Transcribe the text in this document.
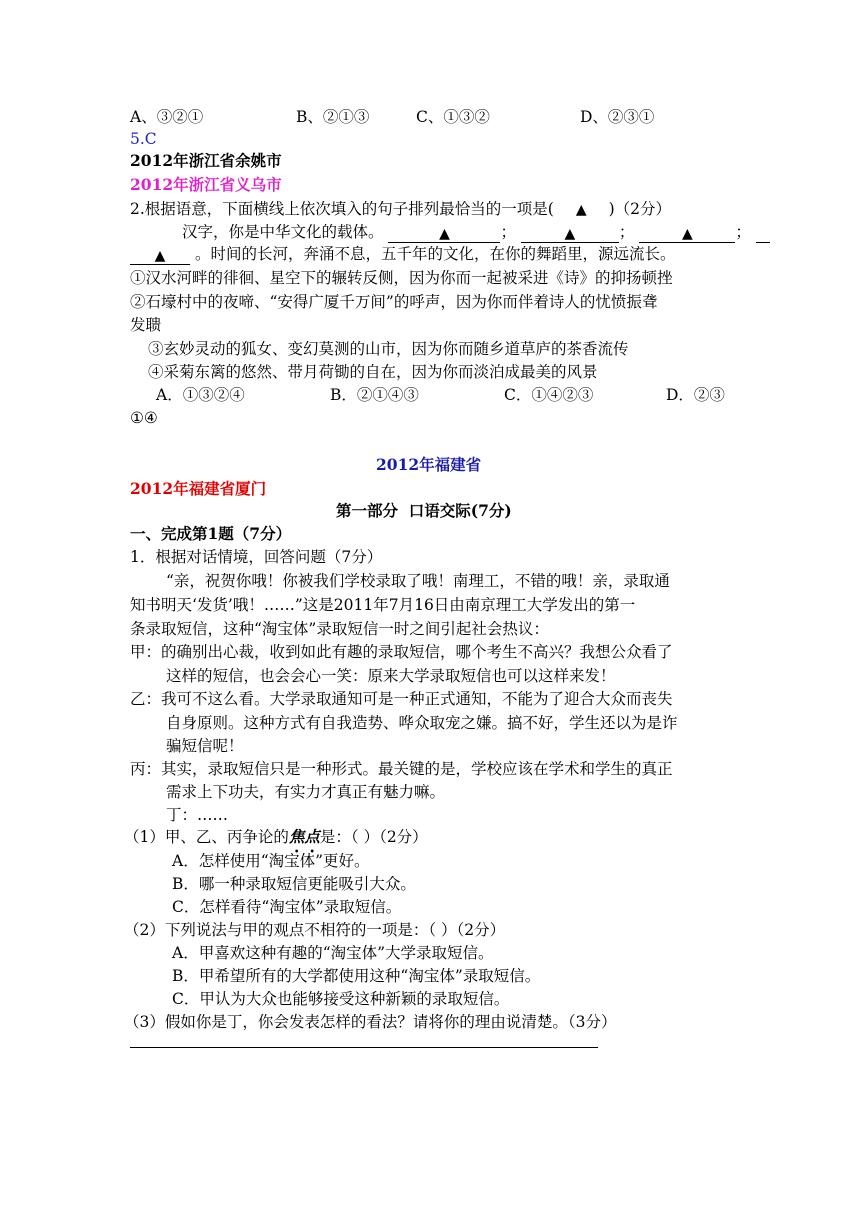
A、③②①	B、②①③	C、①③②	D、②③①
5.C
2012年浙江省余姚市
2012年浙江省义乌市
2.根据语意，下面横线上依次填入的句子排列最恰当的一项是( ▲ )（2分）
汉字，你是中华文化的载体。	▲	；	▲	；	▲	；
▲ 。时间的长河，奔涌不息，五千年的文化，在你的舞蹈里，源远流长。
①汉水河畔的徘徊、星空下的辗转反侧，因为你而一起被采进《诗》的抑扬顿挫
②石壕村中的夜啼、“安得广厦千万间”的呼声，因为你而伴着诗人的忧愤振聋
发聩
③玄妙灵动的狐女、变幻莫测的山市，因为你而随乡道草庐的茶香流传
④采菊东篱的悠然、带月荷锄的自在，因为你而淡泊成最美的风景
A．①③②④	B．②①④③	C．①④②③	D．②③
①④
2012年福建省
2012年福建省厦门
第一部分  口语交际(7分)
一、完成第1题（7分）
1．根据对话情境，回答问题（7分）
“亲，祝贺你哦！你被我们学校录取了哦！南理工，不错的哦！亲，录取通
知书明天‘发货’哦！……”这是2011年7月16日由南京理工大学发出的第一
条录取短信，这种“淘宝体”录取短信一时之间引起社会热议：
甲：的确别出心裁，收到如此有趣的录取短信，哪个考生不高兴？我想公众看了
这样的短信，也会会心一笑：原来大学录取短信也可以这样来发！
乙：我可不这么看。大学录取通知可是一种正式通知，不能为了迎合大众而丧失
自身原则。这种方式有自我造势、哗众取宠之嫌。搞不好，学生还以为是诈
骗短信呢！
丙：其实，录取短信只是一种形式。最关键的是，学校应该在学术和学生的真正
需求上下功夫，有实力才真正有魅力嘛。
丁：……
（1）甲、乙、丙争论的焦点是：（ ）（2分）
A．怎样使用“淘宝体”更好。
B．哪一种录取短信更能吸引大众。
C．怎样看待“淘宝体”录取短信。
（2）下列说法与甲的观点不相符的一项是：（ ）（2分）
A．甲喜欢这种有趣的“淘宝体”大学录取短信。
B．甲希望所有的大学都使用这种“淘宝体”录取短信。
C．甲认为大众也能够接受这种新颖的录取短信。
（3）假如你是丁，你会发表怎样的看法？请将你的理由说清楚。（3分）
